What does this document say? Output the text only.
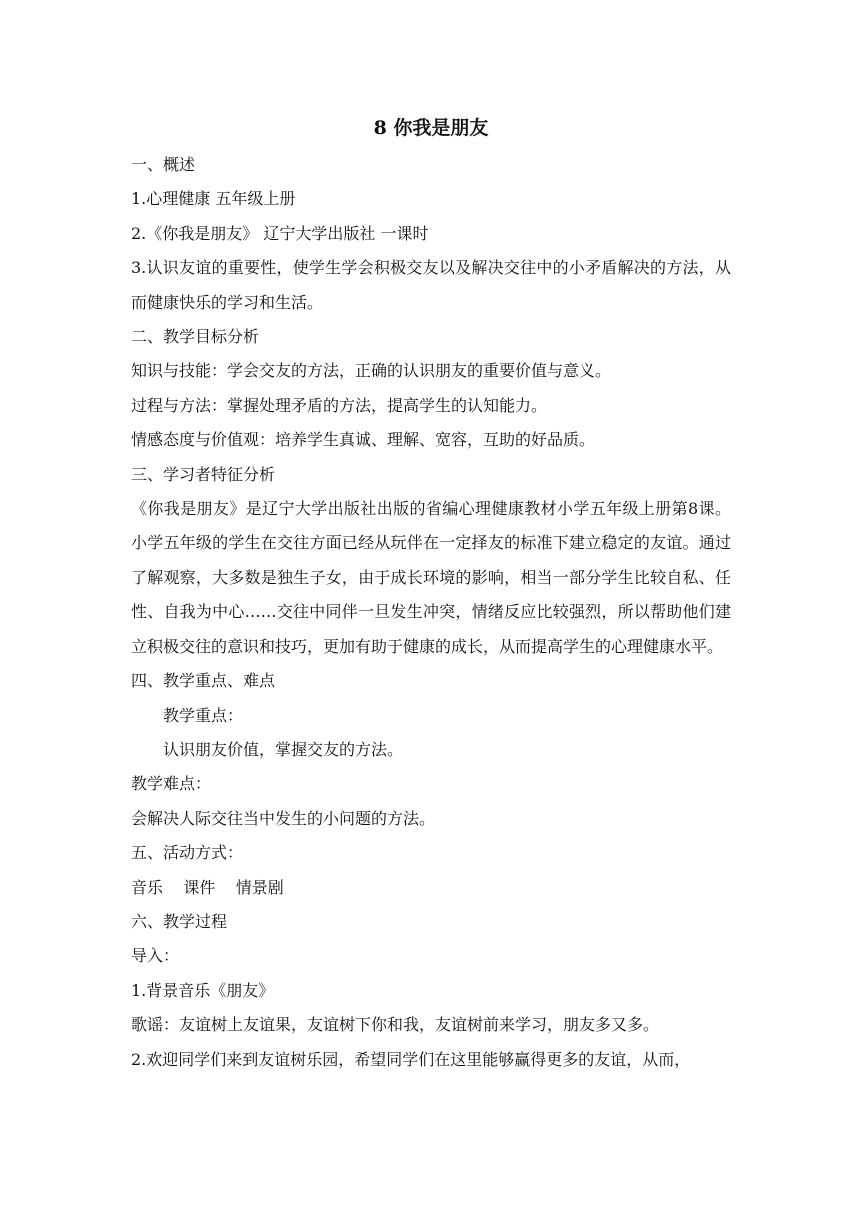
8 你我是朋友

一、概述

1.心理健康 五年级上册

2.《你我是朋友》 辽宁大学出版社 一课时

3.认识友谊的重要性，使学生学会积极交友以及解决交往中的小矛盾解决的方法，从而健康快乐的学习和生活。

二、教学目标分析

知识与技能：学会交友的方法，正确的认识朋友的重要价值与意义。

过程与方法：掌握处理矛盾的方法，提高学生的认知能力。

情感态度与价值观：培养学生真诚、理解、宽容，互助的好品质。

三、学习者特征分析

《你我是朋友》是辽宁大学出版社出版的省编心理健康教材小学五年级上册第8课。小学五年级的学生在交往方面已经从玩伴在一定择友的标准下建立稳定的友谊。通过了解观察，大多数是独生子女，由于成长环境的影响，相当一部分学生比较自私、任性、自我为中心……交往中同伴一旦发生冲突，情绪反应比较强烈，所以帮助他们建立积极交往的意识和技巧，更加有助于健康的成长，从而提高学生的心理健康水平。

四、教学重点、难点

教学重点：

认识朋友价值，掌握交友的方法。

教学难点：

会解决人际交往当中发生的小问题的方法。

五、活动方式：

音乐    课件    情景剧

六、教学过程

导入：

1.背景音乐《朋友》

歌谣：友谊树上友谊果，友谊树下你和我，友谊树前来学习，朋友多又多。

2.欢迎同学们来到友谊树乐园，希望同学们在这里能够赢得更多的友谊，从而，
